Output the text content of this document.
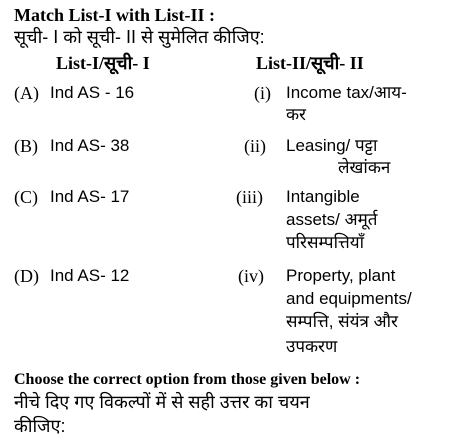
Match List-I with List-II :
सूची- I को सूची- II से सुमेलित कीजिए:
List-I/सूची- I	List-II/सूची- II
(A) Ind AS - 16	(i) Income tax/आय-
कर
(B) Ind AS- 38	(ii) Leasing/ पट्टा
लेखांकन
(C) Ind AS- 17	(iii) Intangible
assets/ अमूर्त
परिसम्पत्तियाँ
(D) Ind AS- 12	(iv) Property, plant
and equipments/
सम्पत्ति, संयंत्र और
उपकरण
Choose the correct option from those given below :
नीचे दिए गए विकल्पों में से सही उत्तर का चयन
कीजिए:
